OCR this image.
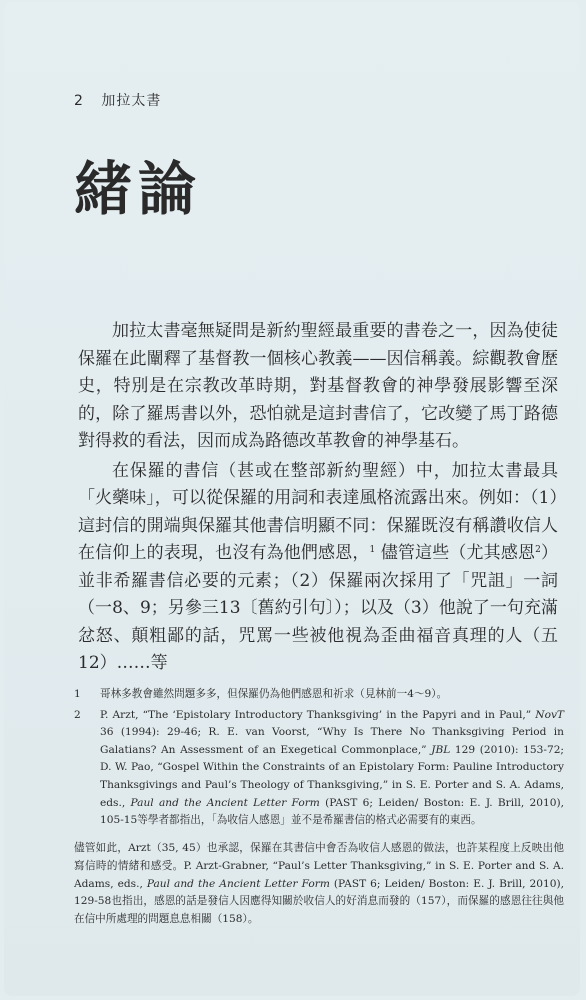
2 加拉太書
緒論

加拉太書毫無疑問是新約聖經最重要的書卷之一，因為使徒保羅在此闡釋了基督教一個核心教義——因信稱義。綜觀教會歷史，特別是在宗教改革時期，對基督教會的神學發展影響至深的，除了羅馬書以外，恐怕就是這封書信了，它改變了馬丁路德對得救的看法，因而成為路德改革教會的神學基石。

在保羅的書信（甚或在整部新約聖經）中，加拉太書最具「火藥味」，可以從保羅的用詞和表達風格流露出來。例如：（1）這封信的開端與保羅其他書信明顯不同：保羅既沒有稱讚收信人在信仰上的表現，也沒有為他們感恩，$^1$ 儘管這些（尤其感恩$^2$）並非希羅書信必要的元素；（2）保羅兩次採用了「咒詛」一詞（一8、9；另參三13〔舊約引句〕）；以及（3）他說了一句充滿忿怒、顛粗鄙的話，咒罵一些被他視為歪曲福音真理的人（五12）……等

1 哥林多教會雖然問題多多，但保羅仍為他們感恩和祈求（見林前一4～9）。
2 P. Arzt, “The ‘Epistolary Introductory Thanksgiving’ in the Papyri and in Paul,” NovT 36 (1994): 29-46; R. E. van Voorst, “Why Is There No Thanksgiving Period in Galatians? An Assessment of an Exegetical Commonplace,” JBL 129 (2010): 153-72; D. W. Pao, “Gospel Within the Constraints of an Epistolary Form: Pauline Introductory Thanksgivings and Paul’s Theology of Thanksgiving,” in S. E. Porter and S. A. Adams, eds., Paul and the Ancient Letter Form (PAST 6; Leiden/ Boston: E. J. Brill, 2010), 105-15等學者都指出，「為收信人感恩」並不是希羅書信的格式必需要有的東西。

儘管如此，Arzt（35, 45）也承認，保羅在其書信中會否為收信人感恩的做法，也許某程度上反映出他寫信時的情緒和感受。P. Arzt-Grabner, “Paul’s Letter Thanksgiving,” in S. E. Porter and S. A. Adams, eds., Paul and the Ancient Letter Form (PAST 6; Leiden/ Boston: E. J. Brill, 2010), 129-58也指出，感恩的話是發信人因應得知關於收信人的好消息而發的（157），而保羅的感恩往往與他在信中所處理的問題息息相關（158）。
